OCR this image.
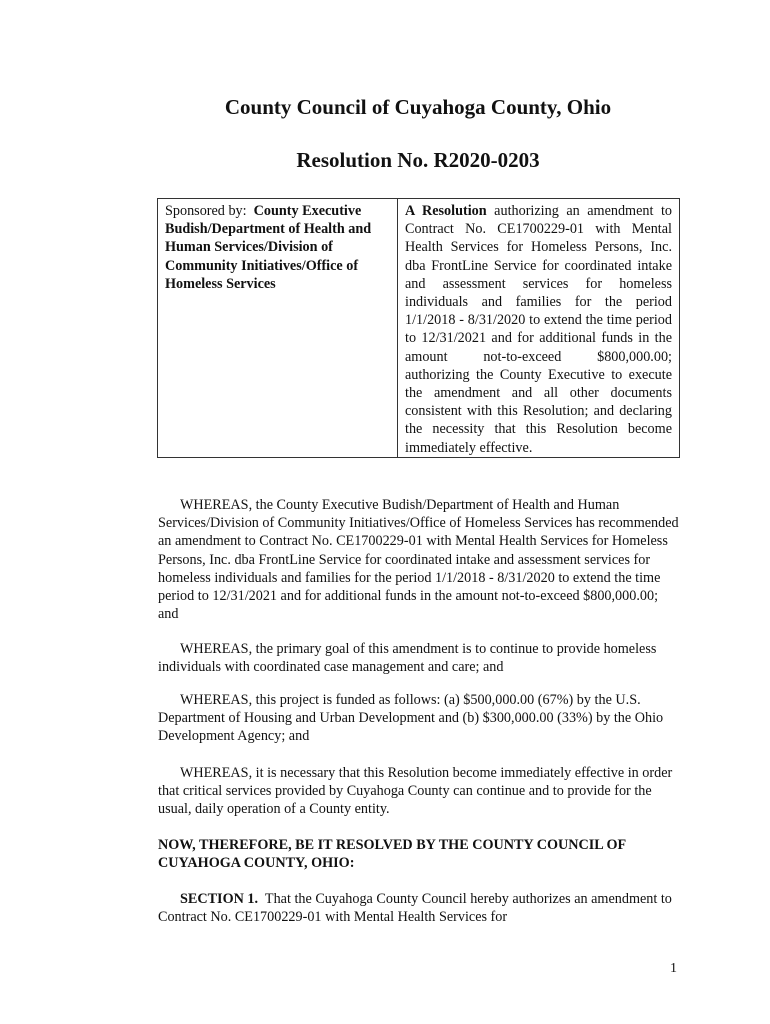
County Council of Cuyahoga County, Ohio
Resolution No. R2020-0203
Sponsored by: County Executive Budish/Department of Health and Human Services/Division of Community Initiatives/Office of Homeless Services	A Resolution authorizing an amendment to Contract No. CE1700229-01 with Mental Health Services for Homeless Persons, Inc. dba FrontLine Service for coordinated intake and assessment services for homeless individuals and families for the period 1/1/2018 - 8/31/2020 to extend the time period to 12/31/2021 and for additional funds in the amount not-to-exceed $800,000.00; authorizing the County Executive to execute the amendment and all other documents consistent with this Resolution; and declaring the necessity that this Resolution become immediately effective.

WHEREAS, the County Executive Budish/Department of Health and Human Services/Division of Community Initiatives/Office of Homeless Services has recommended an amendment to Contract No. CE1700229-01 with Mental Health Services for Homeless Persons, Inc. dba FrontLine Service for coordinated intake and assessment services for homeless individuals and families for the period 1/1/2018 - 8/31/2020 to extend the time period to 12/31/2021 and for additional funds in the amount not-to-exceed $800,000.00; and

WHEREAS, the primary goal of this amendment is to continue to provide homeless individuals with coordinated case management and care; and

WHEREAS, this project is funded as follows: (a) $500,000.00 (67%) by the U.S. Department of Housing and Urban Development and (b) $300,000.00 (33%) by the Ohio Development Agency; and

WHEREAS, it is necessary that this Resolution become immediately effective in order that critical services provided by Cuyahoga County can continue and to provide for the usual, daily operation of a County entity.

NOW, THEREFORE, BE IT RESOLVED BY THE COUNTY COUNCIL OF CUYAHOGA COUNTY, OHIO:

SECTION 1. That the Cuyahoga County Council hereby authorizes an amendment to Contract No. CE1700229-01 with Mental Health Services for

1
